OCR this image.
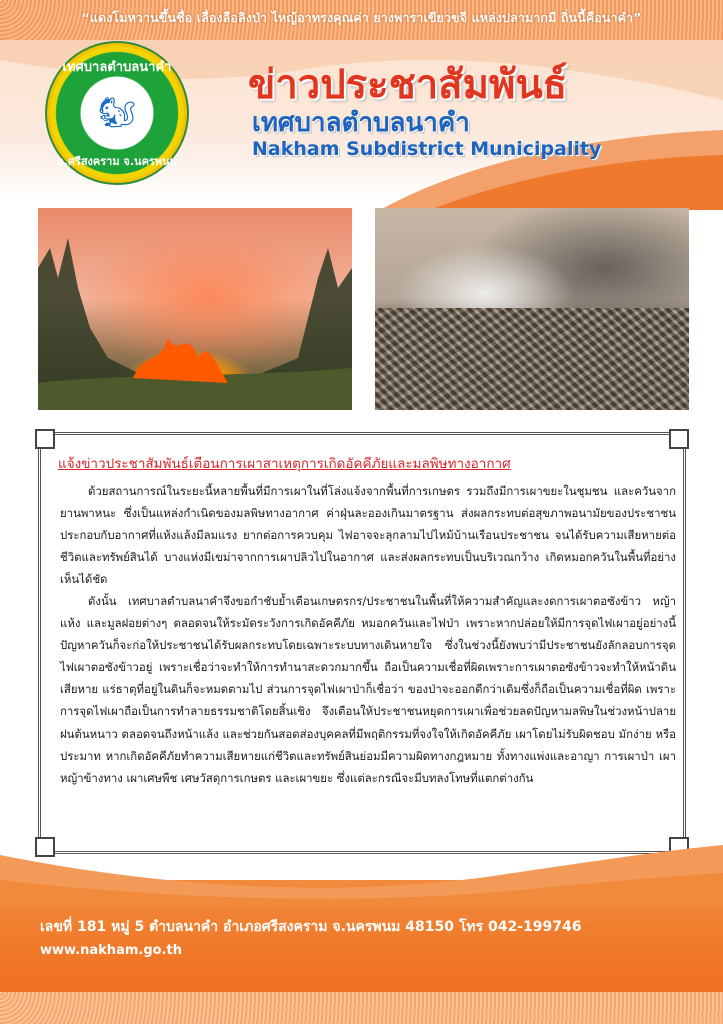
“แดงโมหวานขึ้นชื่อ เลื่องลือลิงป่า ไหญ้อาทรงคุณค่า ยางพาราเขียวขจี แหล่งปลามากมี ถิ่นนี้คือนาคำ”
เทศบาลตำบลนาคำ
🐿
อ.ศรีสงคราม จ.นครพนม
ข่าวประชาสัมพันธ์
เทศบาลตำบลนาคำ
Nakham Subdistrict Municipality
แจ้งข่าวประชาสัมพันธ์เตือนการเผาสาเหตุการเกิดอัคคีภัยและมลพิษทางอากาศ

ด้วยสถานการณ์ในระยะนี้หลายพื้นที่มีการเผาในที่โล่งแจ้งจากพื้นที่การเกษตร รวมถึงมีการเผาขยะในชุมชน และควันจากยานพาหนะ ซึ่งเป็นแหล่งกำเนิดของมลพิษทางอากาศ ค่าฝุ่นละอองเกินมาตรฐาน ส่งผลกระทบต่อสุขภาพอนามัยของประชาชน ประกอบกับอากาศที่แห้งแล้งมีลมแรง ยากต่อการควบคุม ไฟอาจจะลุกลามไปไหม้บ้านเรือนประชาชน จนได้รับความเสียหายต่อชีวิตและทรัพย์สินได้ บางแห่งมีเขม่าจากการเผาปลิวไปในอากาศ และส่งผลกระทบเป็นบริเวณกว้าง เกิดหมอกควันในพื้นที่อย่างเห็นได้ชัด

ดังนั้น เทศบาลตำบลนาคำจึงขอกำชับย้ำเตือนเกษตรกร/ประชาชนในพื้นที่ให้ความสำคัญและงดการเผาตอซังข้าว หญ้าแห้ง และมูลฝอยต่างๆ ตลอดจนให้ระมัดระวังการเกิดอัคคีภัย หมอกควันและไฟป่า เพราะหากปล่อยให้มีการจุดไฟเผาอยู่อย่างนี้ ปัญหาควันก็จะก่อให้ประชาชนได้รับผลกระทบโดยเฉพาะระบบทางเดินหายใจ ซึ่งในช่วงนี้ยังพบว่ามีประชาชนยังลักลอบการจุดไฟเผาตอซังข้าวอยู่ เพราะเชื่อว่าจะทำให้การทำนาสะดวกมากขึ้น ถือเป็นความเชื่อที่ผิดเพราะการเผาตอซังข้าวจะทำให้หน้าดินเสียหาย แร่ธาตุที่อยู่ในดินก็จะหมดตามไป ส่วนการจุดไฟเผาป่าก็เชื่อว่า ของป่าจะออกดีกว่าเดิมซึ่งก็ถือเป็นความเชื่อที่ผิด เพราะการจุดไฟเผาถือเป็นการทำลายธรรมชาติโดยสิ้นเชิง จึงเตือนให้ประชาชนหยุดการเผาเพื่อช่วยลดปัญหามลพิษในช่วงหน้าปลายฝนต้นหนาว ตลอดจนถึงหน้าแล้ง และช่วยกันสอดส่องบุคคลที่มีพฤติกรรมที่จงใจให้เกิดอัคคีภัย เผาโดยไม่รับผิดชอบ มักง่าย หรือประมาท หากเกิดอัคคีภัยทำความเสียหายแก่ชีวิตและทรัพย์สินย่อมมีความผิดทางกฎหมาย ทั้งทางแพ่งและอาญา การเผาป่า เผาหญ้าข้างทาง เผาเศษพืช เศษวัสดุการเกษตร และเผาขยะ ซึ่งแต่ละกรณีจะมีบทลงโทษที่แตกต่างกัน

เลขที่ 181 หมู่ 5 ตำบลนาคำ อำเภอศรีสงคราม จ.นครพนม 48150 โทร 042-199746
www.nakham.go.th
